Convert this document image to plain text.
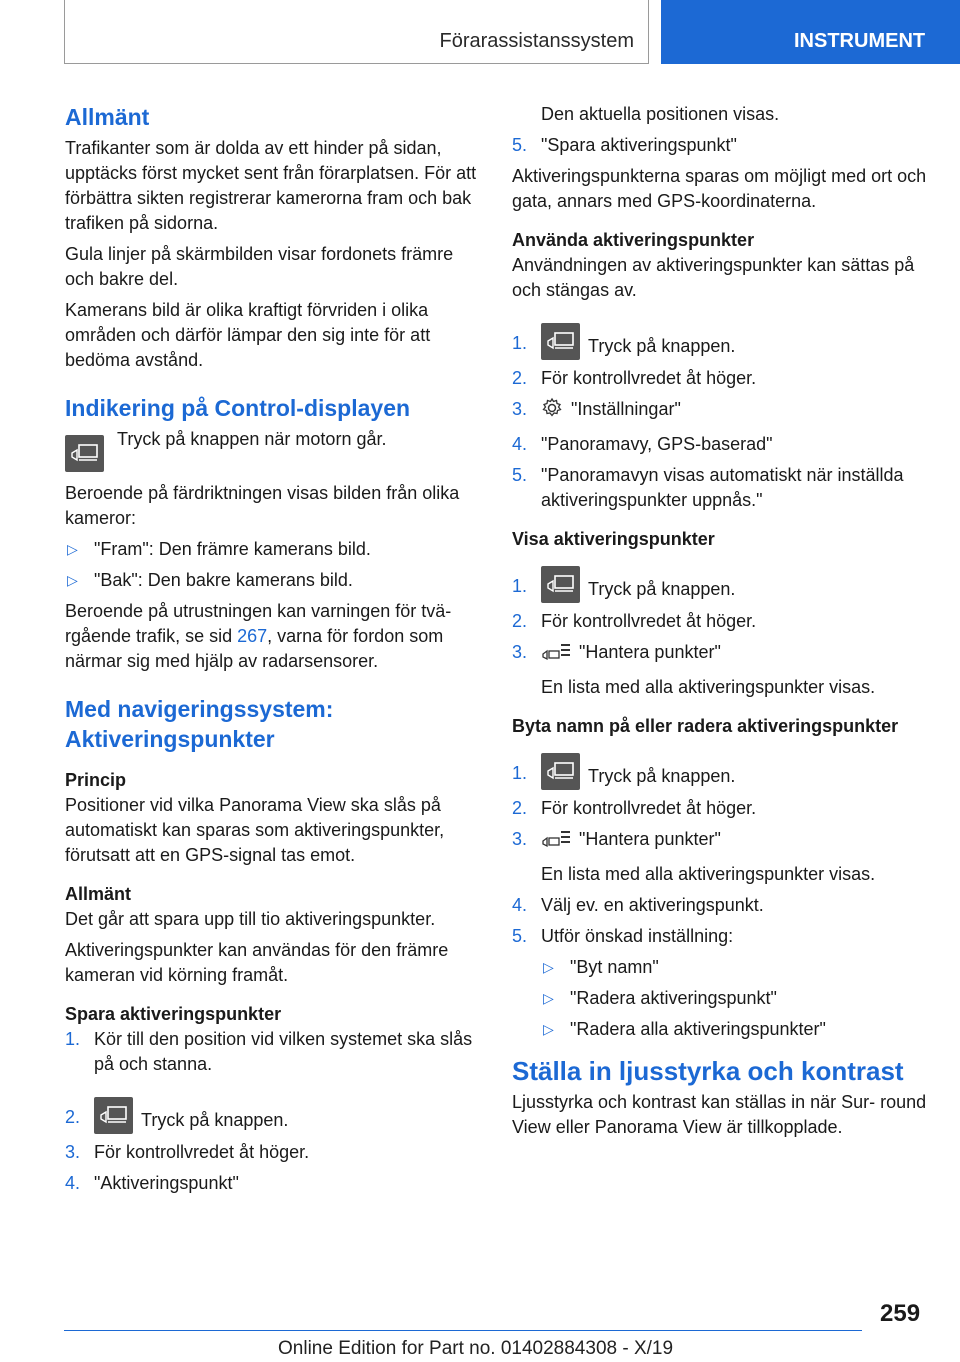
Förarassistanssystem	INSTRUMENT
Allmänt

Trafikanter som är dolda av ett hinder på sidan, upptäcks först mycket sent från förarplatsen. För att förbättra sikten registrerar kamerorna fram och bak trafiken på sidorna.

Gula linjer på skärmbilden visar fordonets främre och bakre del.

Kamerans bild är olika kraftigt förvriden i olika områden och därför lämpar den sig inte för att bedöma avstånd.

Indikering på Control-displayen

Tryck på knappen när motorn går.

Beroende på färdriktningen visas bilden från olika kameror:

▷ "Fram": Den främre kamerans bild.
▷ "Bak": Den bakre kamerans bild.

Beroende på utrustningen kan varningen för tvä- rgående trafik, se sid 267, varna för fordon som närmar sig med hjälp av radarsensorer.

Med navigeringssystem: Aktiveringspunkter
Princip

Positioner vid vilka Panorama View ska slås på automatiskt kan sparas som aktiveringspunkter, förutsatt att en GPS-signal tas emot.

Allmänt

Det går att spara upp till tio aktiveringspunkter.

Aktiveringspunkter kan användas för den främre kameran vid körning framåt.

Spara aktiveringspunkter
1. Kör till den position vid vilken systemet ska slås på och stanna.
2.	Tryck på knappen.
3. För kontrollvredet åt höger.
4. "Aktiveringspunkt"

Den aktuella positionen visas.

5. "Spara aktiveringspunkt"

Aktiveringspunkterna sparas om möjligt med ort och gata, annars med GPS-koordinaterna.

Använda aktiveringspunkter

Användningen av aktiveringspunkter kan sättas på och stängas av.

1.	Tryck på knappen.
2. För kontrollvredet åt höger.
3. "Inställningar"
4. "Panoramavy, GPS-baserad"
5. "Panoramavyn visas automatiskt när inställda aktiveringspunkter uppnås."
Visa aktiveringspunkter
1.	Tryck på knappen.
2. För kontrollvredet åt höger.
3.	"Hantera punkter"

En lista med alla aktiveringspunkter visas.

Byta namn på eller radera aktiveringspunkter
1.	Tryck på knappen.
2. För kontrollvredet åt höger.
3.	"Hantera punkter"

En lista med alla aktiveringspunkter visas.

4. Välj ev. en aktiveringspunkt.
5. Utför önskad inställning:
▷ "Byt namn"
▷ "Radera aktiveringspunkt"
▷ "Radera alla aktiveringspunkter"
Ställa in ljusstyrka och kontrast

Ljusstyrka och kontrast kan ställas in när Sur- round View eller Panorama View är tillkopplade.

259
Online Edition for Part no. 01402884308 - X/19
